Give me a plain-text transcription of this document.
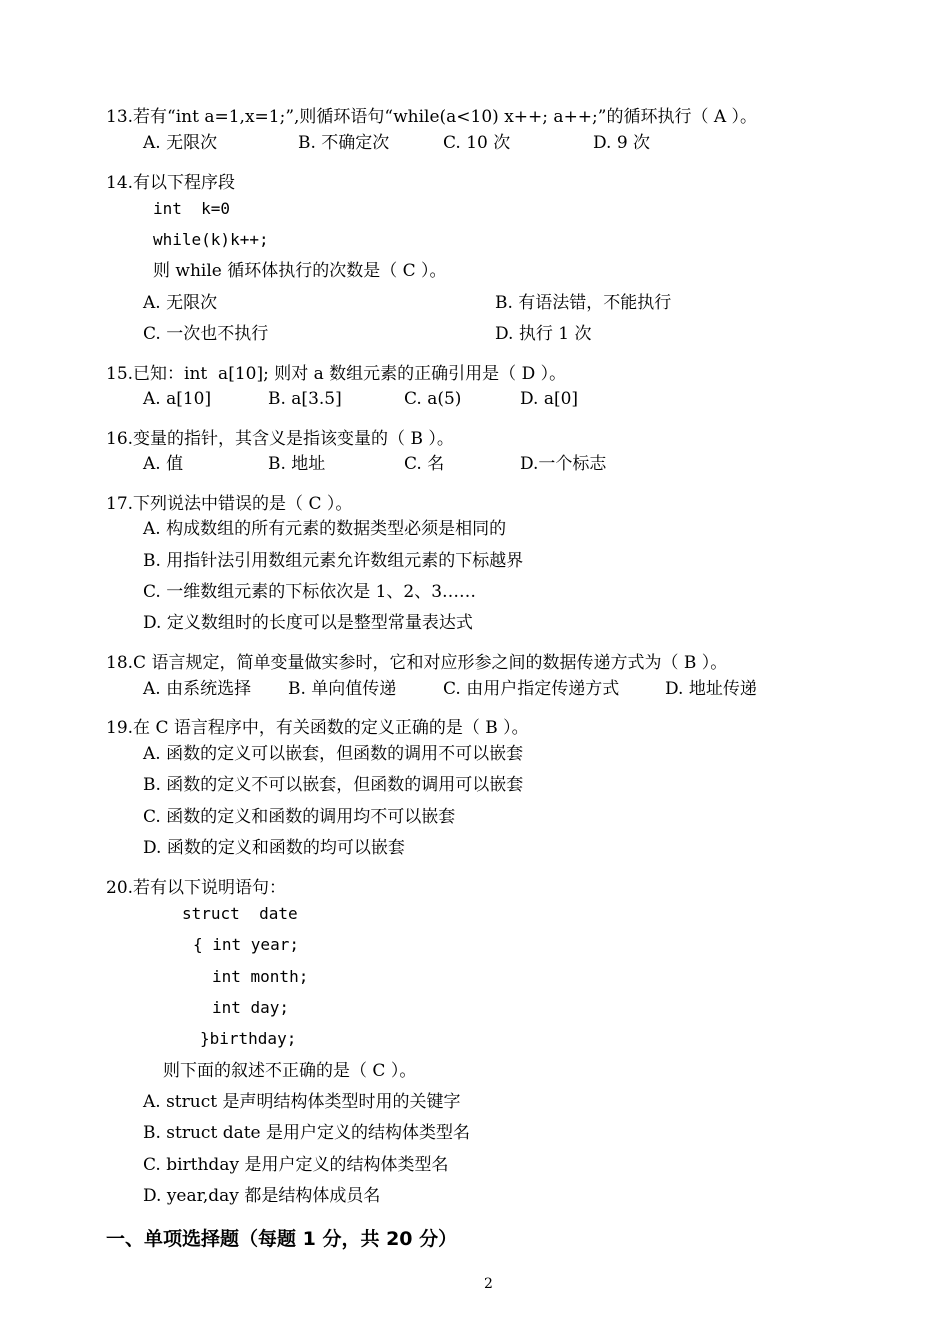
13.若有“int a=1,x=1;”,则循环语句“while(a<10) x++; a++;”的循环执行（ A ）。
A. 无限次	B. 不确定次	C. 10 次	D. 9 次
14.有以下程序段
int  k=0
while(k)k++;
则 while 循环体执行的次数是（ C ）。
A. 无限次	B. 有语法错，不能执行
C. 一次也不执行	D. 执行 1 次
15.已知：int  a[10]; 则对 a 数组元素的正确引用是（ D ）。
A. a[10]	B. a[3.5]	C. a(5)	D. a[0]
16.变量的指针，其含义是指该变量的（ B ）。
A. 值	B. 地址	C. 名	D.一个标志
17.下列说法中错误的是（ C ）。
A. 构成数组的所有元素的数据类型必须是相同的
B. 用指针法引用数组元素允许数组元素的下标越界
C. 一维数组元素的下标依次是 1、2、3……
D. 定义数组时的长度可以是整型常量表达式
18.C 语言规定，简单变量做实参时，它和对应形参之间的数据传递方式为（ B ）。
A. 由系统选择 B. 单向值传递	C. 由用户指定传递方式	D. 地址传递
19.在 C 语言程序中，有关函数的定义正确的是（ B ）。
A. 函数的定义可以嵌套，但函数的调用不可以嵌套
B. 函数的定义不可以嵌套，但函数的调用可以嵌套
C. 函数的定义和函数的调用均不可以嵌套
D. 函数的定义和函数的均可以嵌套
20.若有以下说明语句：
struct  date
{ int year;
int month;
int day;
}birthday;
则下面的叙述不正确的是（ C ）。
A. struct 是声明结构体类型时用的关键字
B. struct date 是用户定义的结构体类型名
C. birthday 是用户定义的结构体类型名
D. year,day 都是结构体成员名
一、单项选择题（每题 1 分，共 20 分）
2
